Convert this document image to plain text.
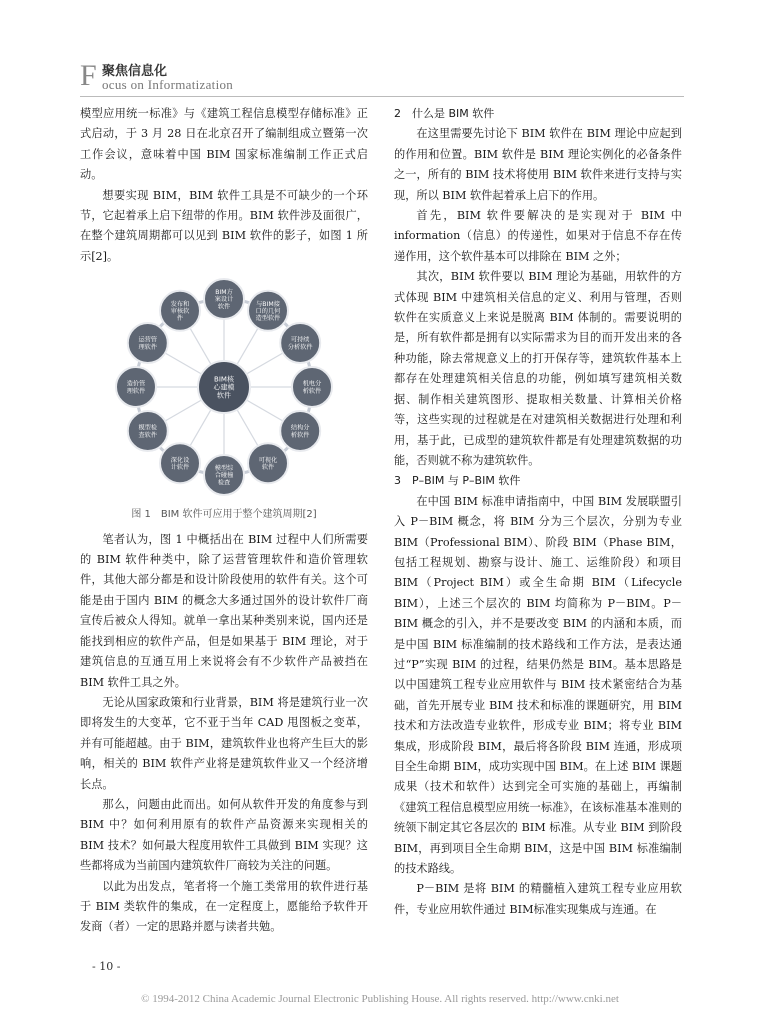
F 聚焦信息化
ocus on Informatization

模型应用统一标准》与《建筑工程信息模型存储标准》正式启动，于 3 月 28 日在北京召开了编制组成立暨第一次工作会议，意味着中国 BIM 国家标准编制工作正式启动。

想要实现 BIM，BIM 软件工具是不可缺少的一个环节，它起着承上启下纽带的作用。BIM 软件涉及面很广，在整个建筑周期都可以见到 BIM 软件的影子，如图 1 所示[2]。

BIM方案设计软件	与BIM接口的几何造型软件
可持续分析软件
机电分析软件
结构分析软件
可视化软件
模型综合碰撞检查
深化设计软件
模型检查软件
造价管理软件
运营管理软件
发布和审核软件
BIM核心建模软件
图 1　BIM 软件可应用于整个建筑周期[2]

笔者认为，图 1 中概括出在 BIM 过程中人们所需要的 BIM 软件种类中，除了运营管理软件和造价管理软件，其他大部分都是和设计阶段使用的软件有关。这个可能是由于国内 BIM 的概念大多通过国外的设计软件厂商宣传后被众人得知。就单一拿出某种类别来说，国内还是能找到相应的软件产品，但是如果基于 BIM 理论，对于建筑信息的互通互用上来说将会有不少软件产品被挡在 BIM 软件工具之外。

无论从国家政策和行业背景，BIM 将是建筑行业一次即将发生的大变革，它不亚于当年 CAD 甩图板之变革，并有可能超越。由于 BIM，建筑软件业也将产生巨大的影响，相关的 BIM 软件产业将是建筑软件业又一个经济增长点。

那么，问题由此而出。如何从软件开发的角度参与到 BIM 中？如何利用原有的软件产品资源来实现相关的 BIM 技术？如何最大程度用软件工具做到 BIM 实现？这些都将成为当前国内建筑软件厂商较为关注的问题。

以此为出发点，笔者将一个施工类常用的软件进行基于 BIM 类软件的集成，在一定程度上，愿能给予软件开发商（者）一定的思路并愿与读者共勉。

2　什么是 BIM 软件

在这里需要先讨论下 BIM 软件在 BIM 理论中应起到的作用和位置。BIM 软件是 BIM 理论实例化的必备条件之一，所有的 BIM 技术将使用 BIM 软件来进行支持与实现，所以 BIM 软件起着承上启下的作用。

首先，BIM 软件要解决的是实现对于 BIM 中 information（信息）的传递性，如果对于信息不存在传递作用，这个软件基本可以排除在 BIM 之外；

其次，BIM 软件要以 BIM 理论为基础，用软件的方式体现 BIM 中建筑相关信息的定义、利用与管理，否则软件在实质意义上来说是脱离 BIM 体制的。需要说明的是，所有软件都是拥有以实际需求为目的而开发出来的各种功能，除去常规意义上的打开保存等，建筑软件基本上都存在处理建筑相关信息的功能，例如填写建筑相关数据、制作相关建筑图形、提取相关数量、计算相关价格等，这些实现的过程就是在对建筑相关数据进行处理和利用，基于此，已成型的建筑软件都是有处理建筑数据的功能，否则就不称为建筑软件。

3　P–BIM 与 P–BIM 软件

在中国 BIM 标准申请指南中，中国 BIM 发展联盟引入 P－BIM 概念，将 BIM 分为三个层次，分别为专业 BIM（Professional BIM）、阶段 BIM（Phase BIM，包括工程规划、勘察与设计、施工、运维阶段）和项目 BIM（Project BIM）或全生命期 BIM（Lifecycle BIM），上述三个层次的 BIM 均简称为 P－BIM。P－BIM 概念的引入，并不是要改变 BIM 的内涵和本质，而是中国 BIM 标准编制的技术路线和工作方法，是表达通过“P”实现 BIM 的过程，结果仍然是 BIM。基本思路是以中国建筑工程专业应用软件与 BIM 技术紧密结合为基础，首先开展专业 BIM 技术和标准的课题研究，用 BIM 技术和方法改造专业软件，形成专业 BIM；将专业 BIM 集成，形成阶段 BIM，最后将各阶段 BIM 连通，形成项目全生命期 BIM，成功实现中国 BIM。在上述 BIM 课题成果（技术和软件）达到完全可实施的基础上，再编制《建筑工程信息模型应用统一标准》，在该标准基本准则的统领下制定其它各层次的 BIM 标准。从专业 BIM 到阶段 BIM，再到项目全生命期 BIM，这是中国 BIM 标准编制的技术路线。

P－BIM 是将 BIM 的精髓植入建筑工程专业应用软件，专业应用软件通过 BIM标准实现集成与连通。在

- 10 -
© 1994-2012 China Academic Journal Electronic Publishing House. All rights reserved. http://www.cnki.net
